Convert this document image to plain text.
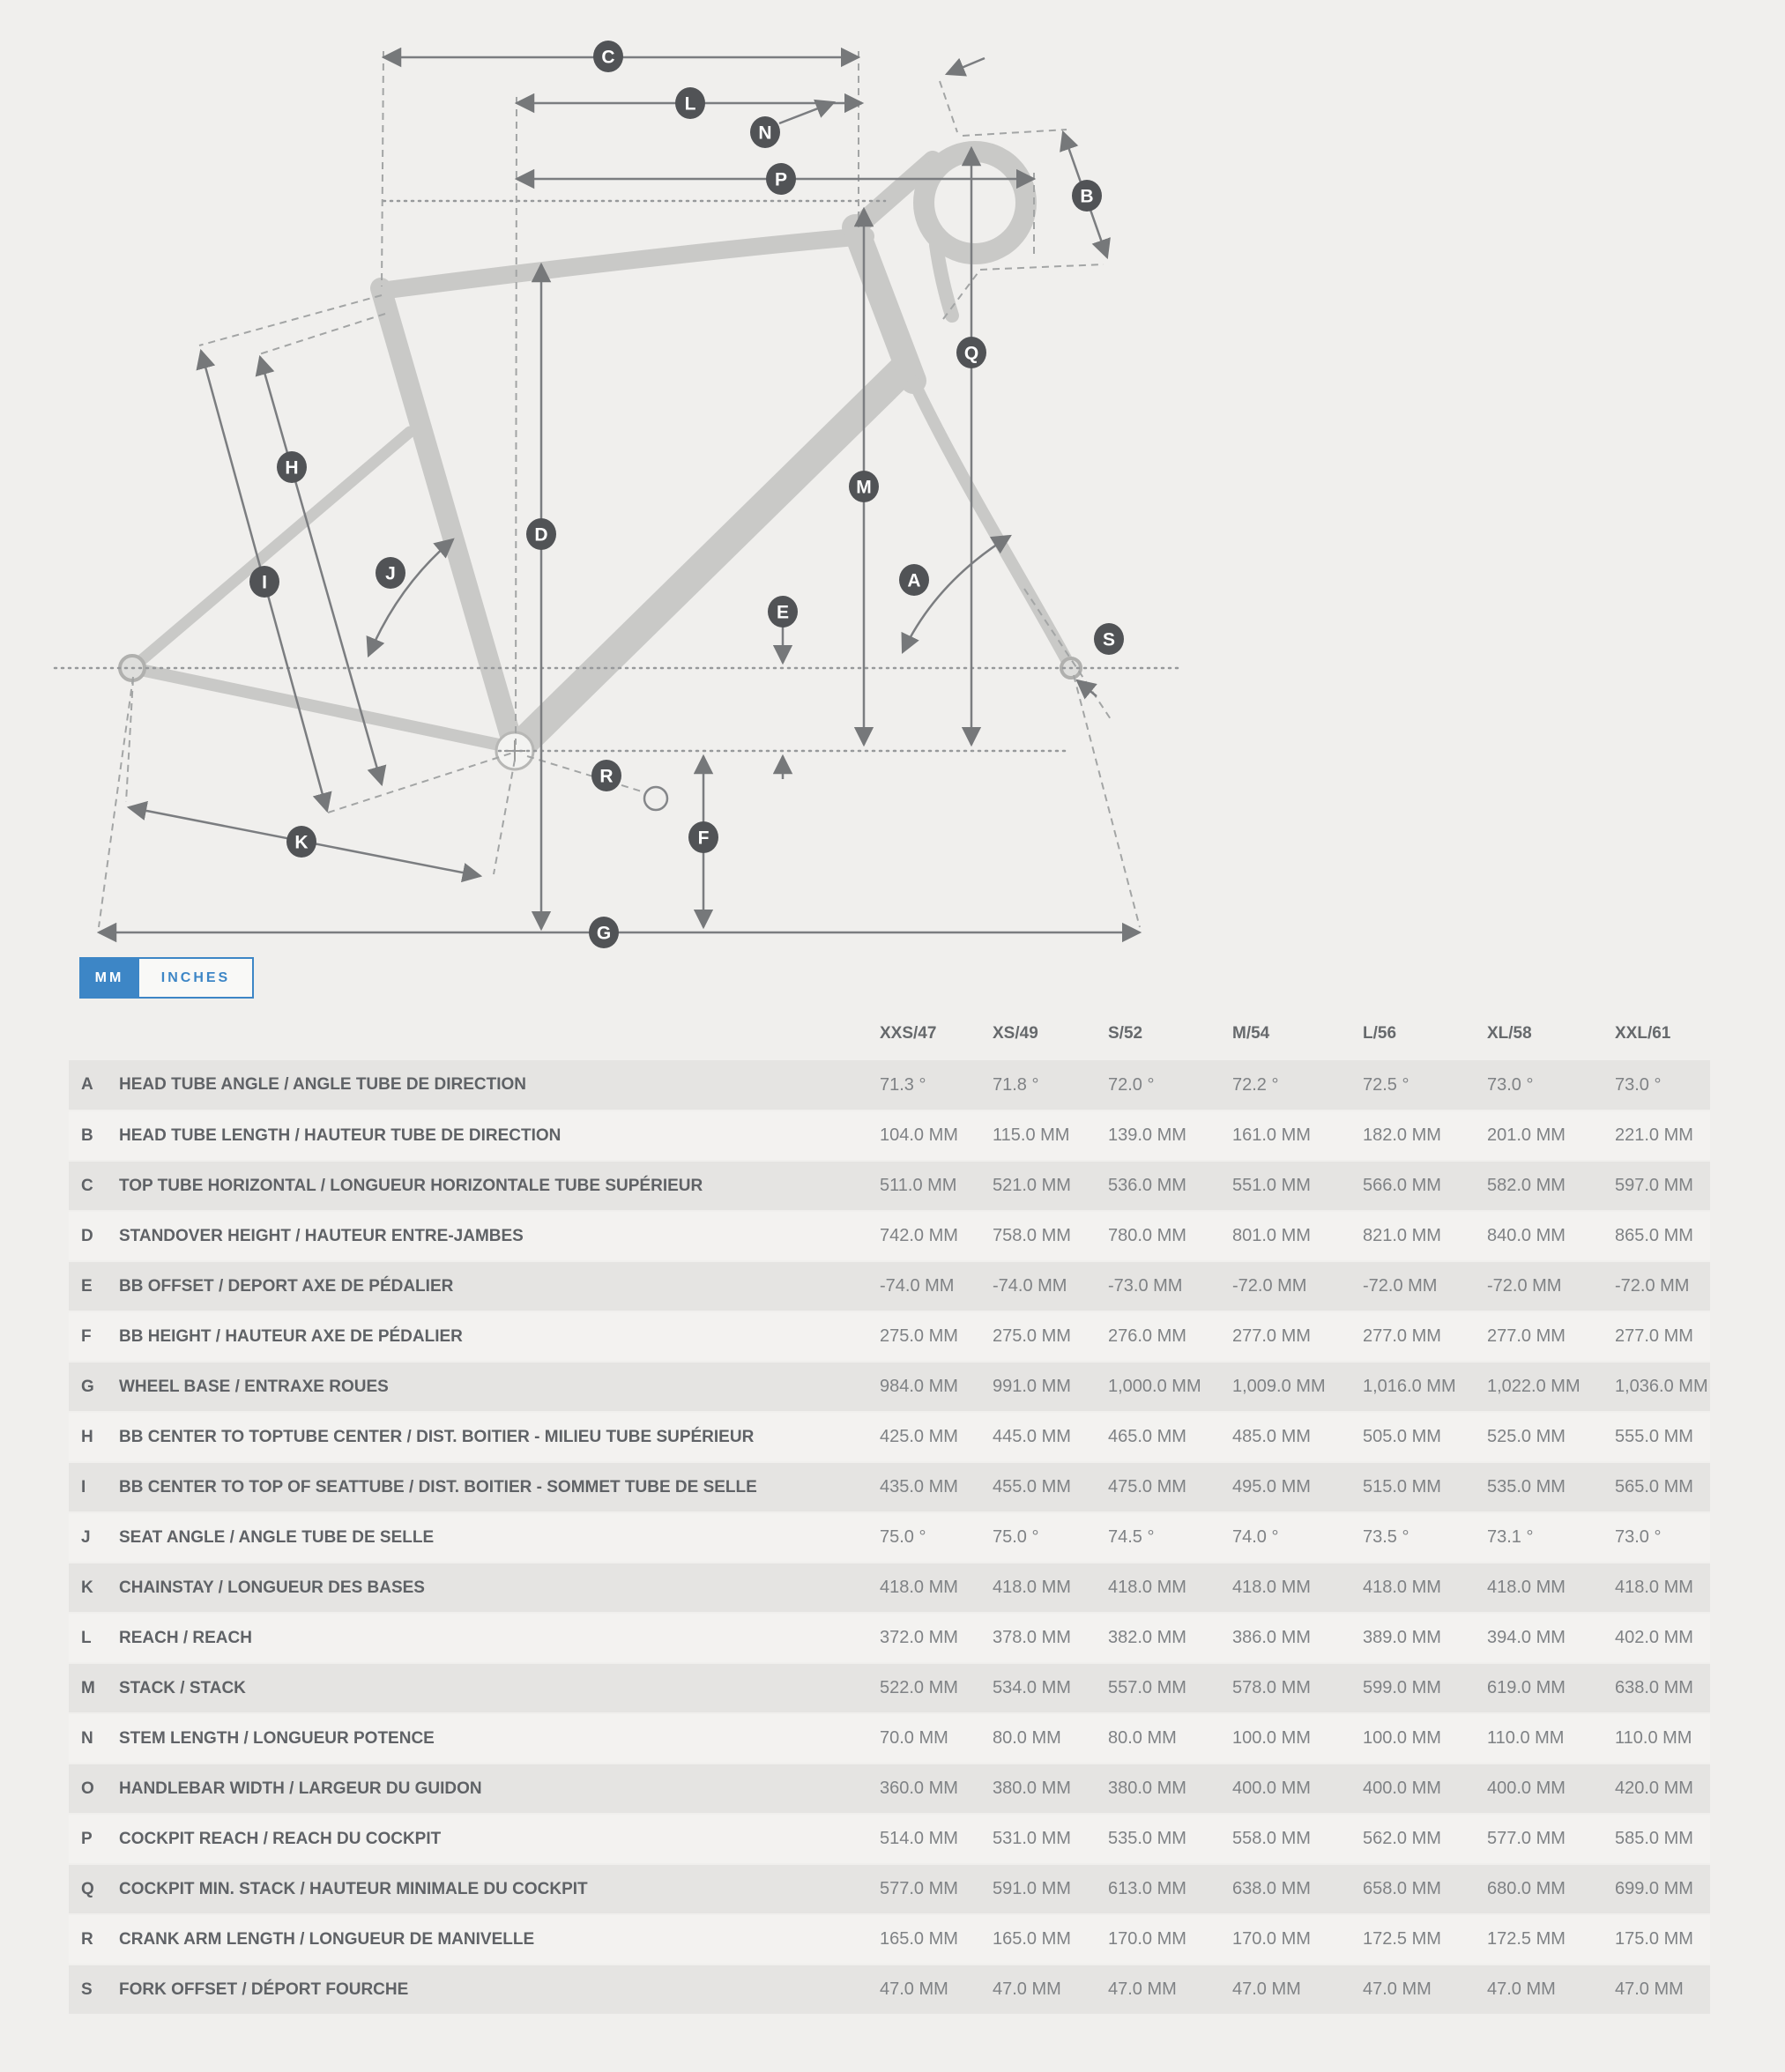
C
L
N
P
B
Q
H
M
D
J
I	A
E
S
R
F
K
G
MM	INCHES
		XXS/47	XS/49	S/52	M/54	L/56	XL/58	XXL/61
A	HEAD TUBE ANGLE / ANGLE TUBE DE DIRECTION	71.3 °	71.8 °	72.0 °	72.2 °	72.5 °	73.0 °	73.0 °
B	HEAD TUBE LENGTH / HAUTEUR TUBE DE DIRECTION	104.0 MM	115.0 MM	139.0 MM	161.0 MM	182.0 MM	201.0 MM	221.0 MM
C	TOP TUBE HORIZONTAL / LONGUEUR HORIZONTALE TUBE SUPÉRIEUR	511.0 MM	521.0 MM	536.0 MM	551.0 MM	566.0 MM	582.0 MM	597.0 MM
D	STANDOVER HEIGHT / HAUTEUR ENTRE-JAMBES	742.0 MM	758.0 MM	780.0 MM	801.0 MM	821.0 MM	840.0 MM	865.0 MM
E	BB OFFSET / DEPORT AXE DE PÉDALIER	-74.0 MM	-74.0 MM	-73.0 MM	-72.0 MM	-72.0 MM	-72.0 MM	-72.0 MM
F	BB HEIGHT / HAUTEUR AXE DE PÉDALIER	275.0 MM	275.0 MM	276.0 MM	277.0 MM	277.0 MM	277.0 MM	277.0 MM
G	WHEEL BASE / ENTRAXE ROUES	984.0 MM	991.0 MM	1,000.0 MM	1,009.0 MM	1,016.0 MM	1,022.0 MM	1,036.0 MM
H	BB CENTER TO TOPTUBE CENTER / DIST. BOITIER - MILIEU TUBE SUPÉRIEUR	425.0 MM	445.0 MM	465.0 MM	485.0 MM	505.0 MM	525.0 MM	555.0 MM
I	BB CENTER TO TOP OF SEATTUBE / DIST. BOITIER - SOMMET TUBE DE SELLE	435.0 MM	455.0 MM	475.0 MM	495.0 MM	515.0 MM	535.0 MM	565.0 MM
J	SEAT ANGLE / ANGLE TUBE DE SELLE	75.0 °	75.0 °	74.5 °	74.0 °	73.5 °	73.1 °	73.0 °
K	CHAINSTAY / LONGUEUR DES BASES	418.0 MM	418.0 MM	418.0 MM	418.0 MM	418.0 MM	418.0 MM	418.0 MM
L	REACH / REACH	372.0 MM	378.0 MM	382.0 MM	386.0 MM	389.0 MM	394.0 MM	402.0 MM
M	STACK / STACK	522.0 MM	534.0 MM	557.0 MM	578.0 MM	599.0 MM	619.0 MM	638.0 MM
N	STEM LENGTH / LONGUEUR POTENCE	70.0 MM	80.0 MM	80.0 MM	100.0 MM	100.0 MM	110.0 MM	110.0 MM
O	HANDLEBAR WIDTH / LARGEUR DU GUIDON	360.0 MM	380.0 MM	380.0 MM	400.0 MM	400.0 MM	400.0 MM	420.0 MM
P	COCKPIT REACH / REACH DU COCKPIT	514.0 MM	531.0 MM	535.0 MM	558.0 MM	562.0 MM	577.0 MM	585.0 MM
Q	COCKPIT MIN. STACK / HAUTEUR MINIMALE DU COCKPIT	577.0 MM	591.0 MM	613.0 MM	638.0 MM	658.0 MM	680.0 MM	699.0 MM
R	CRANK ARM LENGTH / LONGUEUR DE MANIVELLE	165.0 MM	165.0 MM	170.0 MM	170.0 MM	172.5 MM	172.5 MM	175.0 MM
S	FORK OFFSET / DÉPORT FOURCHE	47.0 MM	47.0 MM	47.0 MM	47.0 MM	47.0 MM	47.0 MM	47.0 MM
